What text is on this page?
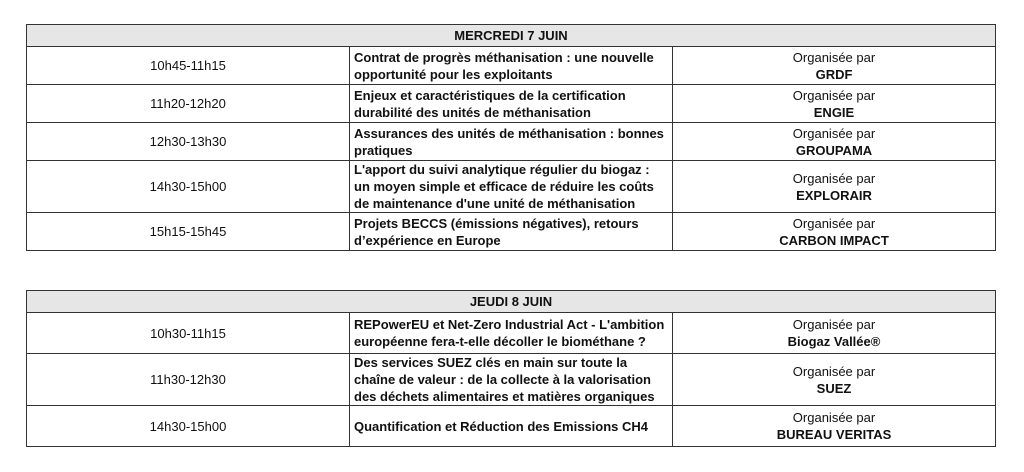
MERCREDI 7 JUIN		
10h45-11h15	Contrat de progrès méthanisation : une nouvelle opportunité pour les exploitants	Organisée par
GRDF

11h20-12h20	Enjeux et caractéristiques de la certification durabilité des unités de méthanisation	Organisée par
ENGIE

12h30-13h30	Assurances des unités de méthanisation : bonnes pratiques	Organisée par
GROUPAMA

14h30-15h00	L'apport du suivi analytique régulier du biogaz : un moyen simple et efficace de réduire les coûts de maintenance d'une unité de méthanisation	Organisée par
EXPLORAIR

15h15-15h45	Projets BECCS (émissions négatives), retours d’expérience en Europe	Organisée par
CARBON IMPACT
JEUDI 8 JUIN		
10h30-11h15	REPowerEU et Net-Zero Industrial Act - L'ambition européenne fera-t-elle décoller le biométhane ?	Organisée par
Biogaz Vallée®

11h30-12h30	Des services SUEZ clés en main sur toute la chaîne de valeur : de la collecte à la valorisation des déchets alimentaires et matières organiques	Organisée par
SUEZ

14h30-15h00	Quantification et Réduction des Emissions CH4	Organisée par
BUREAU VERITAS
